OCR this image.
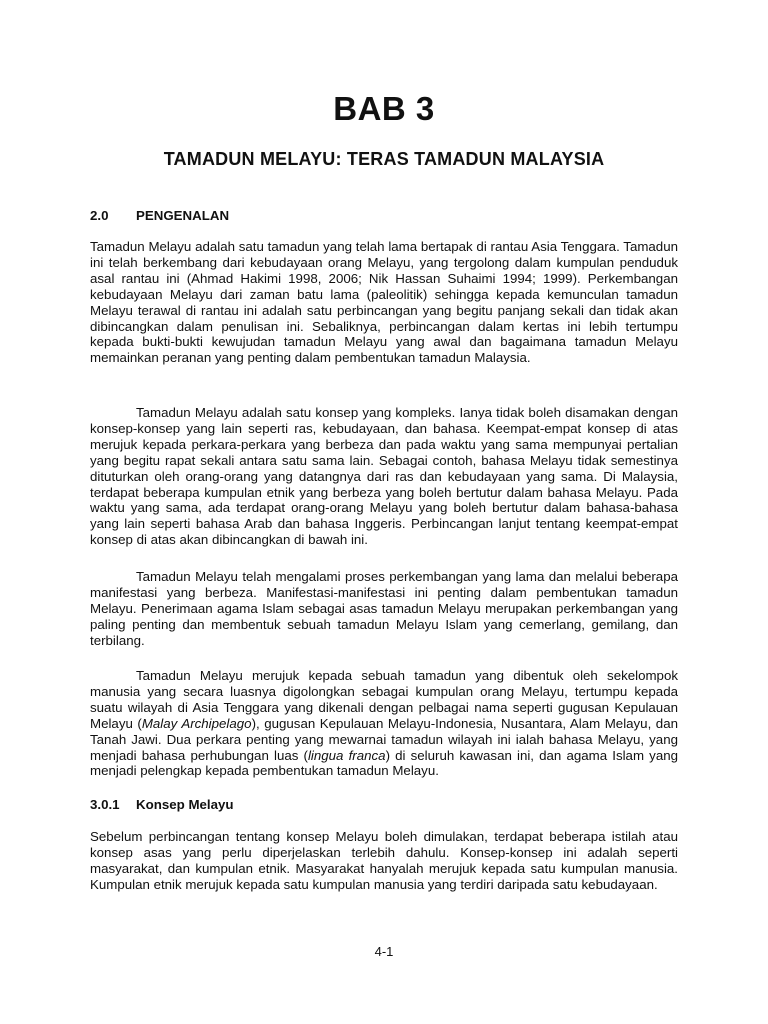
BAB 3
TAMADUN MELAYU: TERAS TAMADUN MALAYSIA
2.0 PENGENALAN

Tamadun Melayu adalah satu tamadun yang telah lama bertapak di rantau Asia Tenggara. Tamadun ini telah berkembang dari kebudayaan orang Melayu, yang tergolong dalam kumpulan penduduk asal rantau ini (Ahmad Hakimi 1998, 2006; Nik Hassan Suhaimi 1994; 1999). Perkembangan kebudayaan Melayu dari zaman batu lama (paleolitik) sehingga kepada kemunculan tamadun Melayu terawal di rantau ini adalah satu perbincangan yang begitu panjang sekali dan tidak akan dibincangkan dalam penulisan ini. Sebaliknya, perbincangan dalam kertas ini lebih tertumpu kepada bukti-bukti kewujudan tamadun Melayu yang awal dan bagaimana tamadun Melayu memainkan peranan yang penting dalam pembentukan tamadun Malaysia.

Tamadun Melayu adalah satu konsep yang kompleks. Ianya tidak boleh disamakan dengan konsep-konsep yang lain seperti ras, kebudayaan, dan bahasa. Keempat-empat konsep di atas merujuk kepada perkara-perkara yang berbeza dan pada waktu yang sama mempunyai pertalian yang begitu rapat sekali antara satu sama lain. Sebagai contoh, bahasa Melayu tidak semestinya dituturkan oleh orang-orang yang datangnya dari ras dan kebudayaan yang sama. Di Malaysia, terdapat beberapa kumpulan etnik yang berbeza yang boleh bertutur dalam bahasa Melayu. Pada waktu yang sama, ada terdapat orang-orang Melayu yang boleh bertutur dalam bahasa-bahasa yang lain seperti bahasa Arab dan bahasa Inggeris. Perbincangan lanjut tentang keempat-empat konsep di atas akan dibincangkan di bawah ini.

Tamadun Melayu telah mengalami proses perkembangan yang lama dan melalui beberapa manifestasi yang berbeza. Manifestasi-manifestasi ini penting dalam pembentukan tamadun Melayu. Penerimaan agama Islam sebagai asas tamadun Melayu merupakan perkembangan yang paling penting dan membentuk sebuah tamadun Melayu Islam yang cemerlang, gemilang, dan terbilang.

Tamadun Melayu merujuk kepada sebuah tamadun yang dibentuk oleh sekelompok manusia yang secara luasnya digolongkan sebagai kumpulan orang Melayu, tertumpu kepada suatu wilayah di Asia Tenggara yang dikenali dengan pelbagai nama seperti gugusan Kepulauan Melayu (Malay Archipelago), gugusan Kepulauan Melayu-Indonesia, Nusantara, Alam Melayu, dan Tanah Jawi. Dua perkara penting yang mewarnai tamadun wilayah ini ialah bahasa Melayu, yang menjadi bahasa perhubungan luas (lingua franca) di seluruh kawasan ini, dan agama Islam yang menjadi pelengkap kepada pembentukan tamadun Melayu.

3.0.1 Konsep Melayu

Sebelum perbincangan tentang konsep Melayu boleh dimulakan, terdapat beberapa istilah atau konsep asas yang perlu diperjelaskan terlebih dahulu. Konsep-konsep ini adalah seperti masyarakat, dan kumpulan etnik. Masyarakat hanyalah merujuk kepada satu kumpulan manusia. Kumpulan etnik merujuk kepada satu kumpulan manusia yang terdiri daripada satu kebudayaan.

4-1
